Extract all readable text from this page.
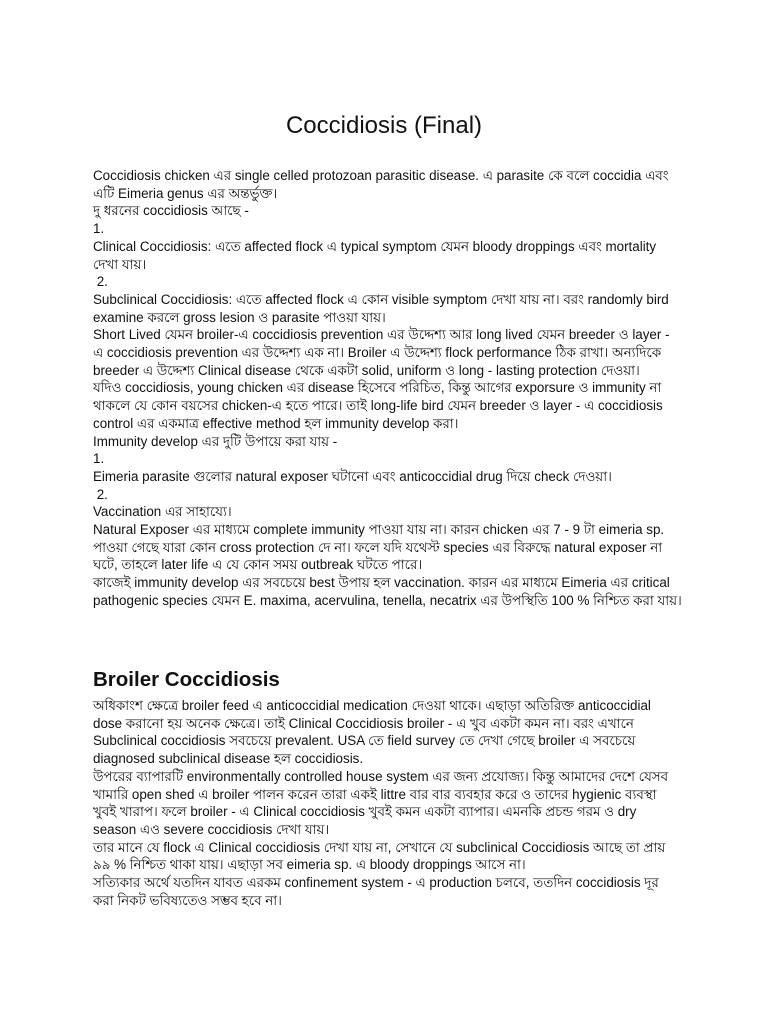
Coccidiosis (Final)

Coccidiosis chicken এর single celled protozoan parasitic disease. এ parasite কে বলে coccidia এবং এটি Eimeria genus এর অন্তর্ভুক্ত।

দু ধরনের coccidiosis আছে -

1.

Clinical Coccidiosis: এতে affected flock এ typical symptom যেমন bloody droppings এবং mortality দেখা যায়।

2.

Subclinical Coccidiosis: এতে affected flock এ কোন visible symptom দেখা যায় না। বরং randomly bird examine করলে gross lesion ও parasite পাওয়া যায়।

Short Lived যেমন broiler-এ coccidiosis prevention এর উদ্দেশ্য আর long lived যেমন breeder ও layer - এ coccidiosis prevention এর উদ্দেশ্য এক না। Broiler এ উদ্দেশ্য flock performance ঠিক রাখা। অন্যদিকে breeder এ উদ্দেশ্য Clinical disease থেকে একটা solid, uniform ও long - lasting protection দেওয়া।

যদিও coccidiosis, young chicken এর disease হিসেবে পরিচিত, কিন্তু আগের exporsure ও immunity না থাকলে যে কোন বয়সের chicken-এ হতে পারে। তাই long-life bird যেমন breeder ও layer - এ coccidiosis control এর একমাত্র effective method হল immunity develop করা।

Immunity develop এর দুটি উপায়ে করা যায় -

1.

Eimeria parasite গুলোর natural exposer ঘটানো এবং anticoccidial drug দিয়ে check দেওয়া।

2.

Vaccination এর সাহায্যে।

Natural Exposer এর মাধ্যমে complete immunity পাওয়া যায় না। কারন chicken এর 7 - 9 টা eimeria sp. পাওয়া গেছে যারা কোন cross protection দে না। ফলে যদি যথেস্ট species এর বিরুদ্ধে natural exposer না ঘটে, তাহলে later life এ যে কোন সময় outbreak ঘটতে পারে।

কাজেই immunity develop এর সবচেয়ে best উপায় হল vaccination. কারন এর মাধ্যমে Eimeria এর critical pathogenic species যেমন E. maxima, acervulina, tenella, necatrix এর উপস্থিতি 100 % নিশ্চিত করা যায়।

Broiler Coccidiosis

অধিকাংশ ক্ষেত্রে broiler feed এ anticoccidial medication দেওয়া থাকে। এছাড়া অতিরিক্ত anticoccidial dose করানো হয় অনেক ক্ষেত্রে। তাই Clinical Coccidiosis broiler - এ খুব একটা কমন না। বরং এখানে Subclinical coccidiosis সবচেয়ে prevalent. USA তে field survey তে দেখা গেছে broiler এ সবচেয়ে diagnosed subclinical disease হল coccidiosis.

উপরের ব্যাপারটি environmentally controlled house system এর জন্য প্রযোজ্য। কিন্তু আমাদের দেশে যেসব খামারি open shed এ broiler পালন করেন তারা একই littre বার বার ব্যবহার করে ও তাদের hygienic ব্যবস্থা খুবই খারাপ। ফলে broiler - এ Clinical coccidiosis খুবই কমন একটা ব্যাপার। এমনকি প্রচন্ড গরম ও dry season এও severe coccidiosis দেখা যায়।

তার মানে যে flock এ Clinical coccidiosis দেখা যায় না, সেখানে যে subclinical Coccidiosis আছে তা প্রায় ৯৯ % নিশ্চিত থাকা যায়। এছাড়া সব eimeria sp. এ bloody droppings আসে না।

সত্যিকার অর্থে যতদিন যাবত এরকম confinement system - এ production চলবে, ততদিন coccidiosis দূর করা নিকট ভবিষ্যতেও সম্ভব হবে না।
